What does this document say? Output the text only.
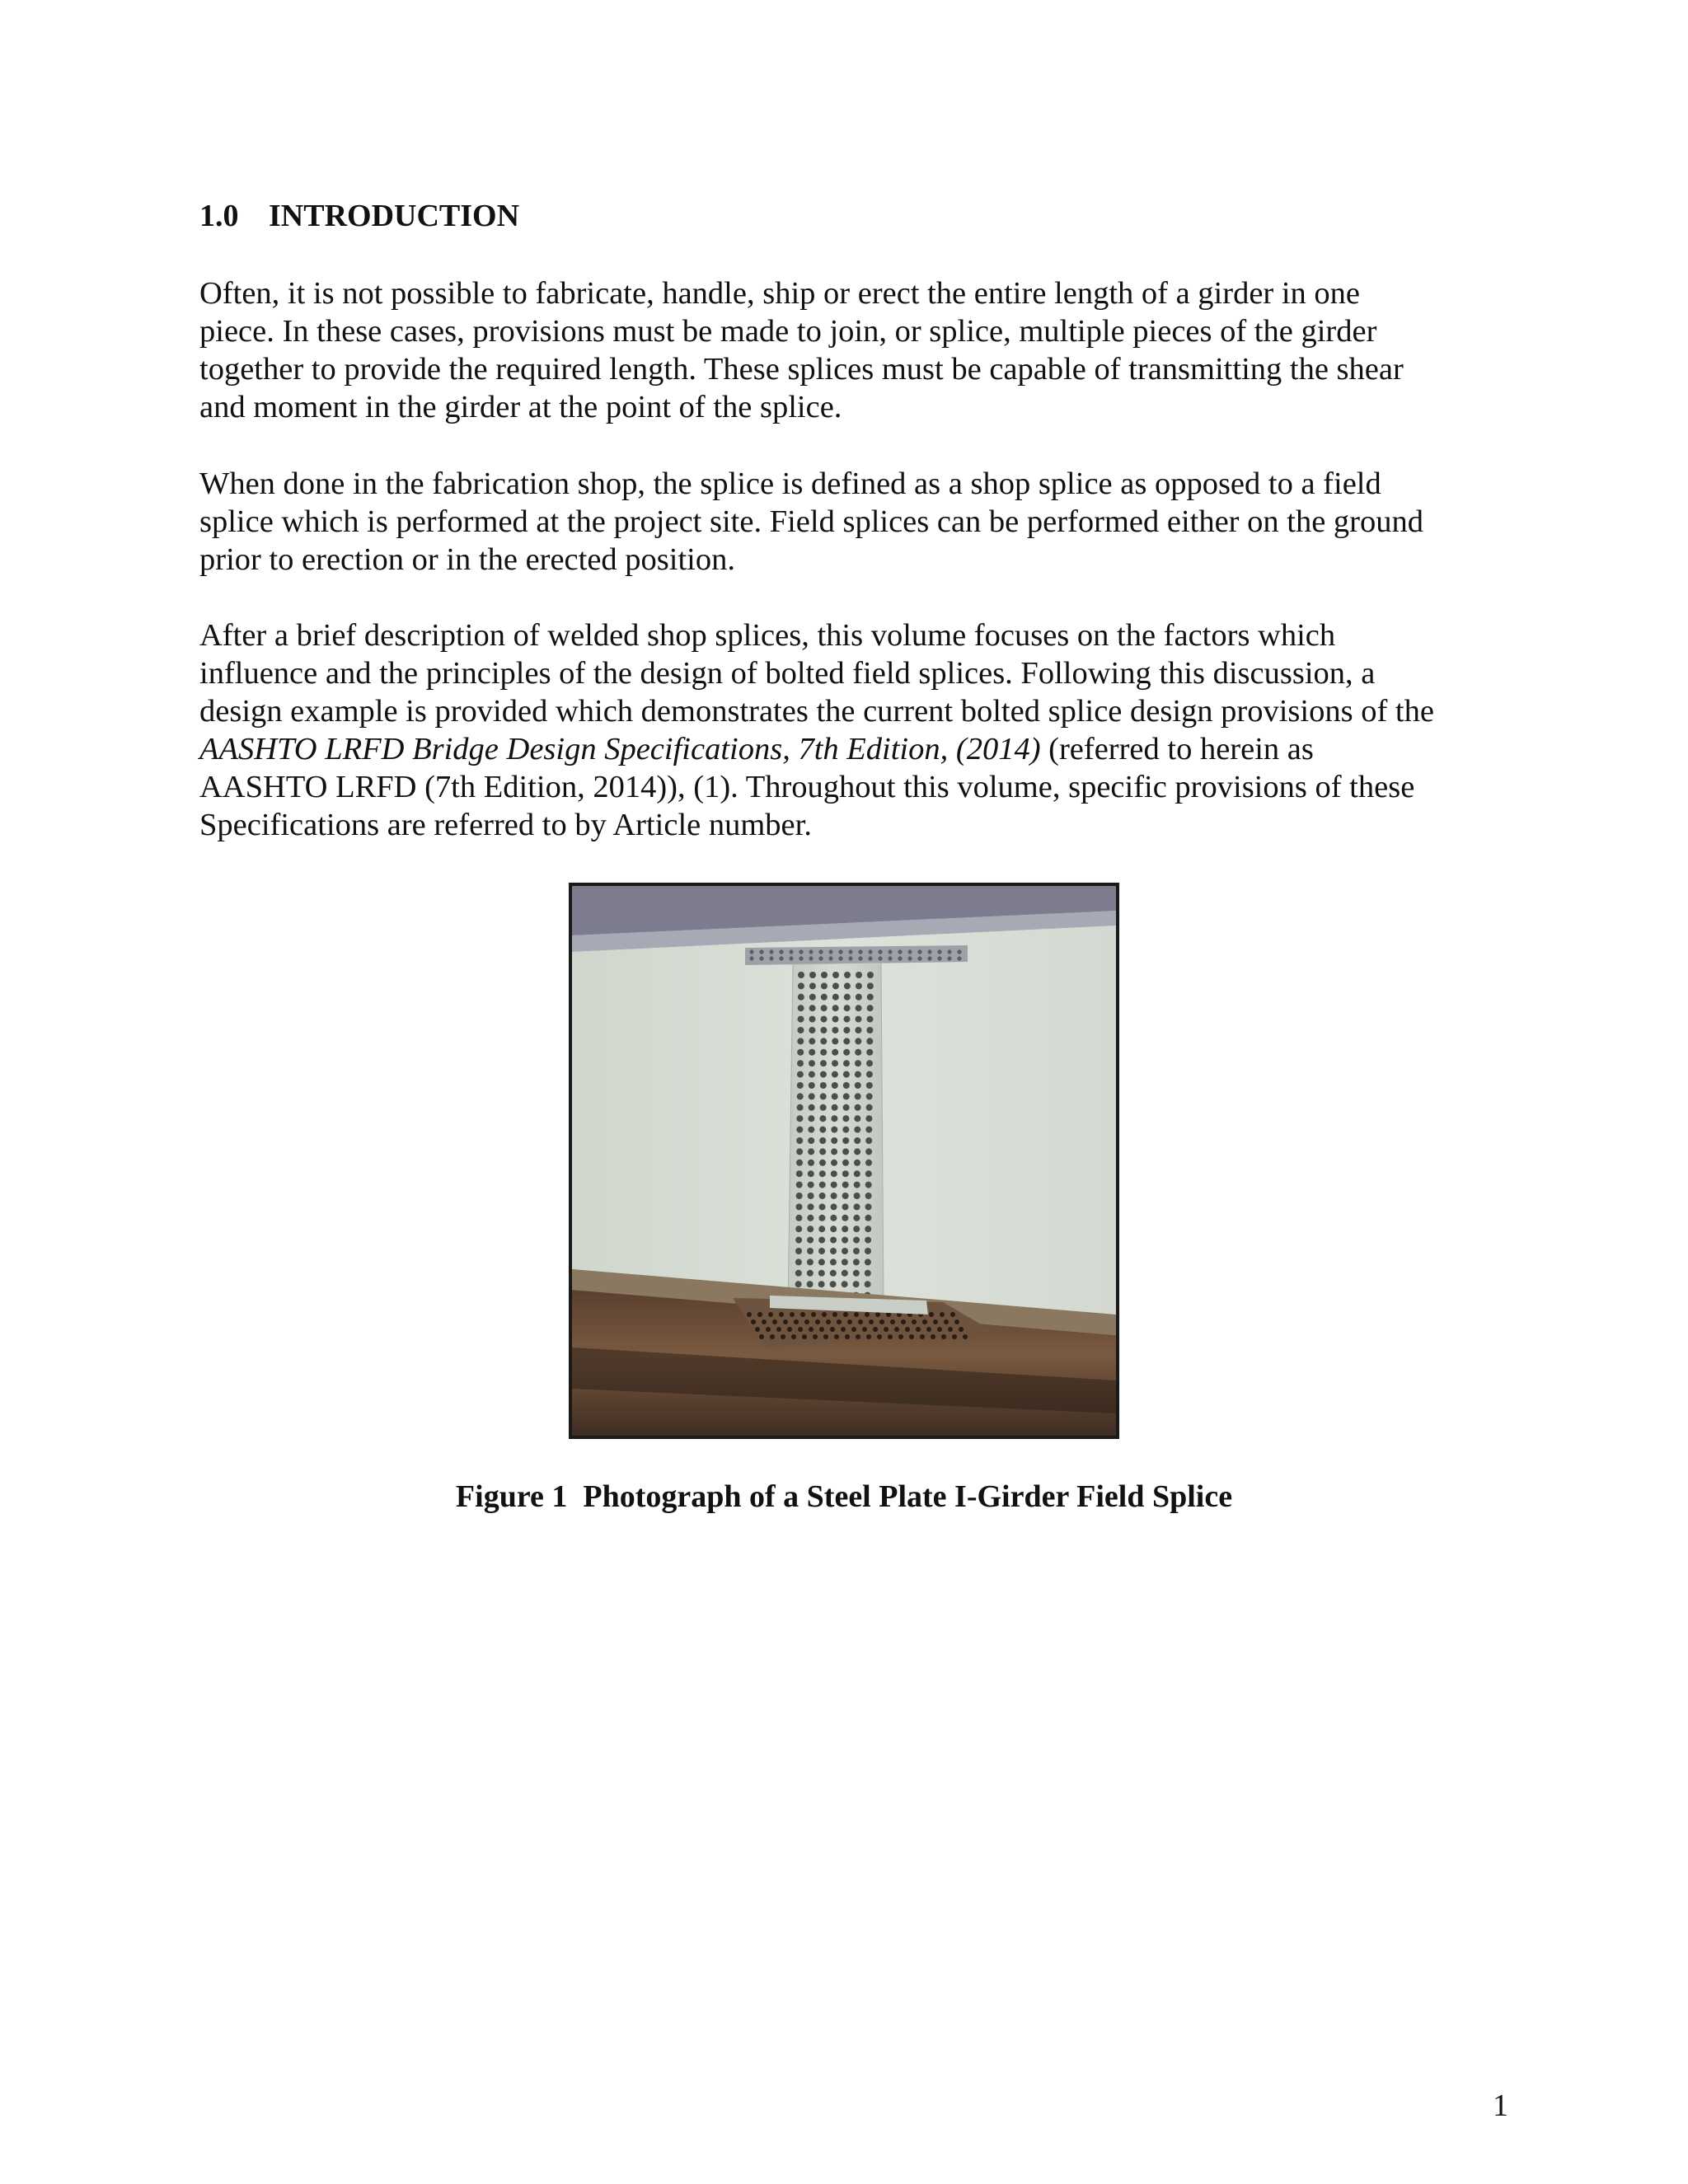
1.0 INTRODUCTION

Often, it is not possible to fabricate, handle, ship or erect the entire length of a girder in one
piece. In these cases, provisions must be made to join, or splice, multiple pieces of the girder
together to provide the required length. These splices must be capable of transmitting the shear
and moment in the girder at the point of the splice.

When done in the fabrication shop, the splice is defined as a shop splice as opposed to a field
splice which is performed at the project site. Field splices can be performed either on the ground
prior to erection or in the erected position.

After a brief description of welded shop splices, this volume focuses on the factors which
influence and the principles of the design of bolted field splices. Following this discussion, a
design example is provided which demonstrates the current bolted splice design provisions of the
AASHTO LRFD Bridge Design Specifications, 7th Edition, (2014) (referred to herein as
AASHTO LRFD (7th Edition, 2014)), (1). Throughout this volume, specific provisions of these
Specifications are referred to by Article number.

Figure 1 Photograph of a Steel Plate I-Girder Field Splice
1
